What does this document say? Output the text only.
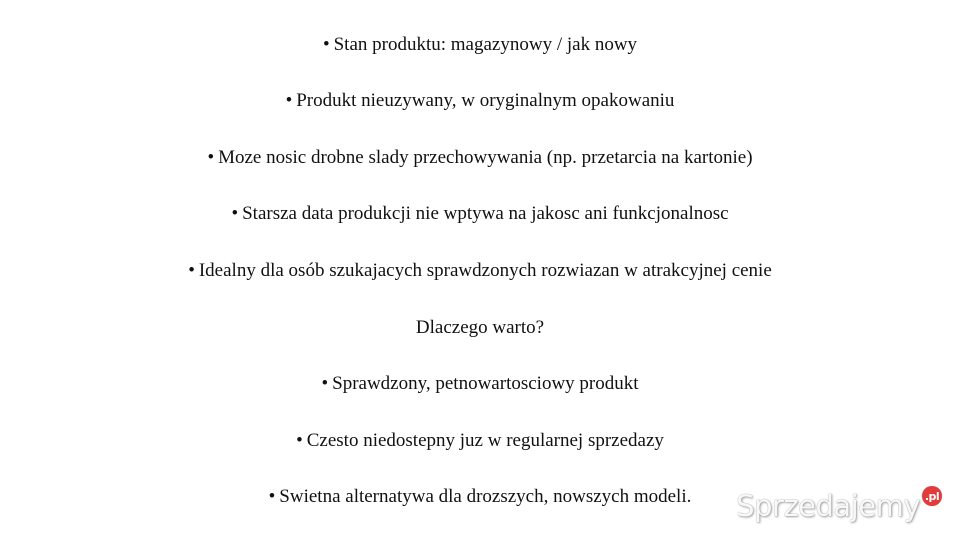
• Stan produktu: magazynowy / jak nowy
• Produkt nieuzywany, w oryginalnym opakowaniu
• Moze nosic drobne slady przechowywania (np. przetarcia na kartonie)
• Starsza data produkcji nie wptywa na jakosc ani funkcjonalnosc
• Idealny dla osób szukajacych sprawdzonych rozwiazan w atrakcyjnej cenie
Dlaczego warto?
• Sprawdzony, petnowartosciowy produkt
• Czesto niedostepny juz w regularnej sprzedazy
• Swietna alternatywa dla drozszych, nowszych modeli.	Sprzedajemy .pl
